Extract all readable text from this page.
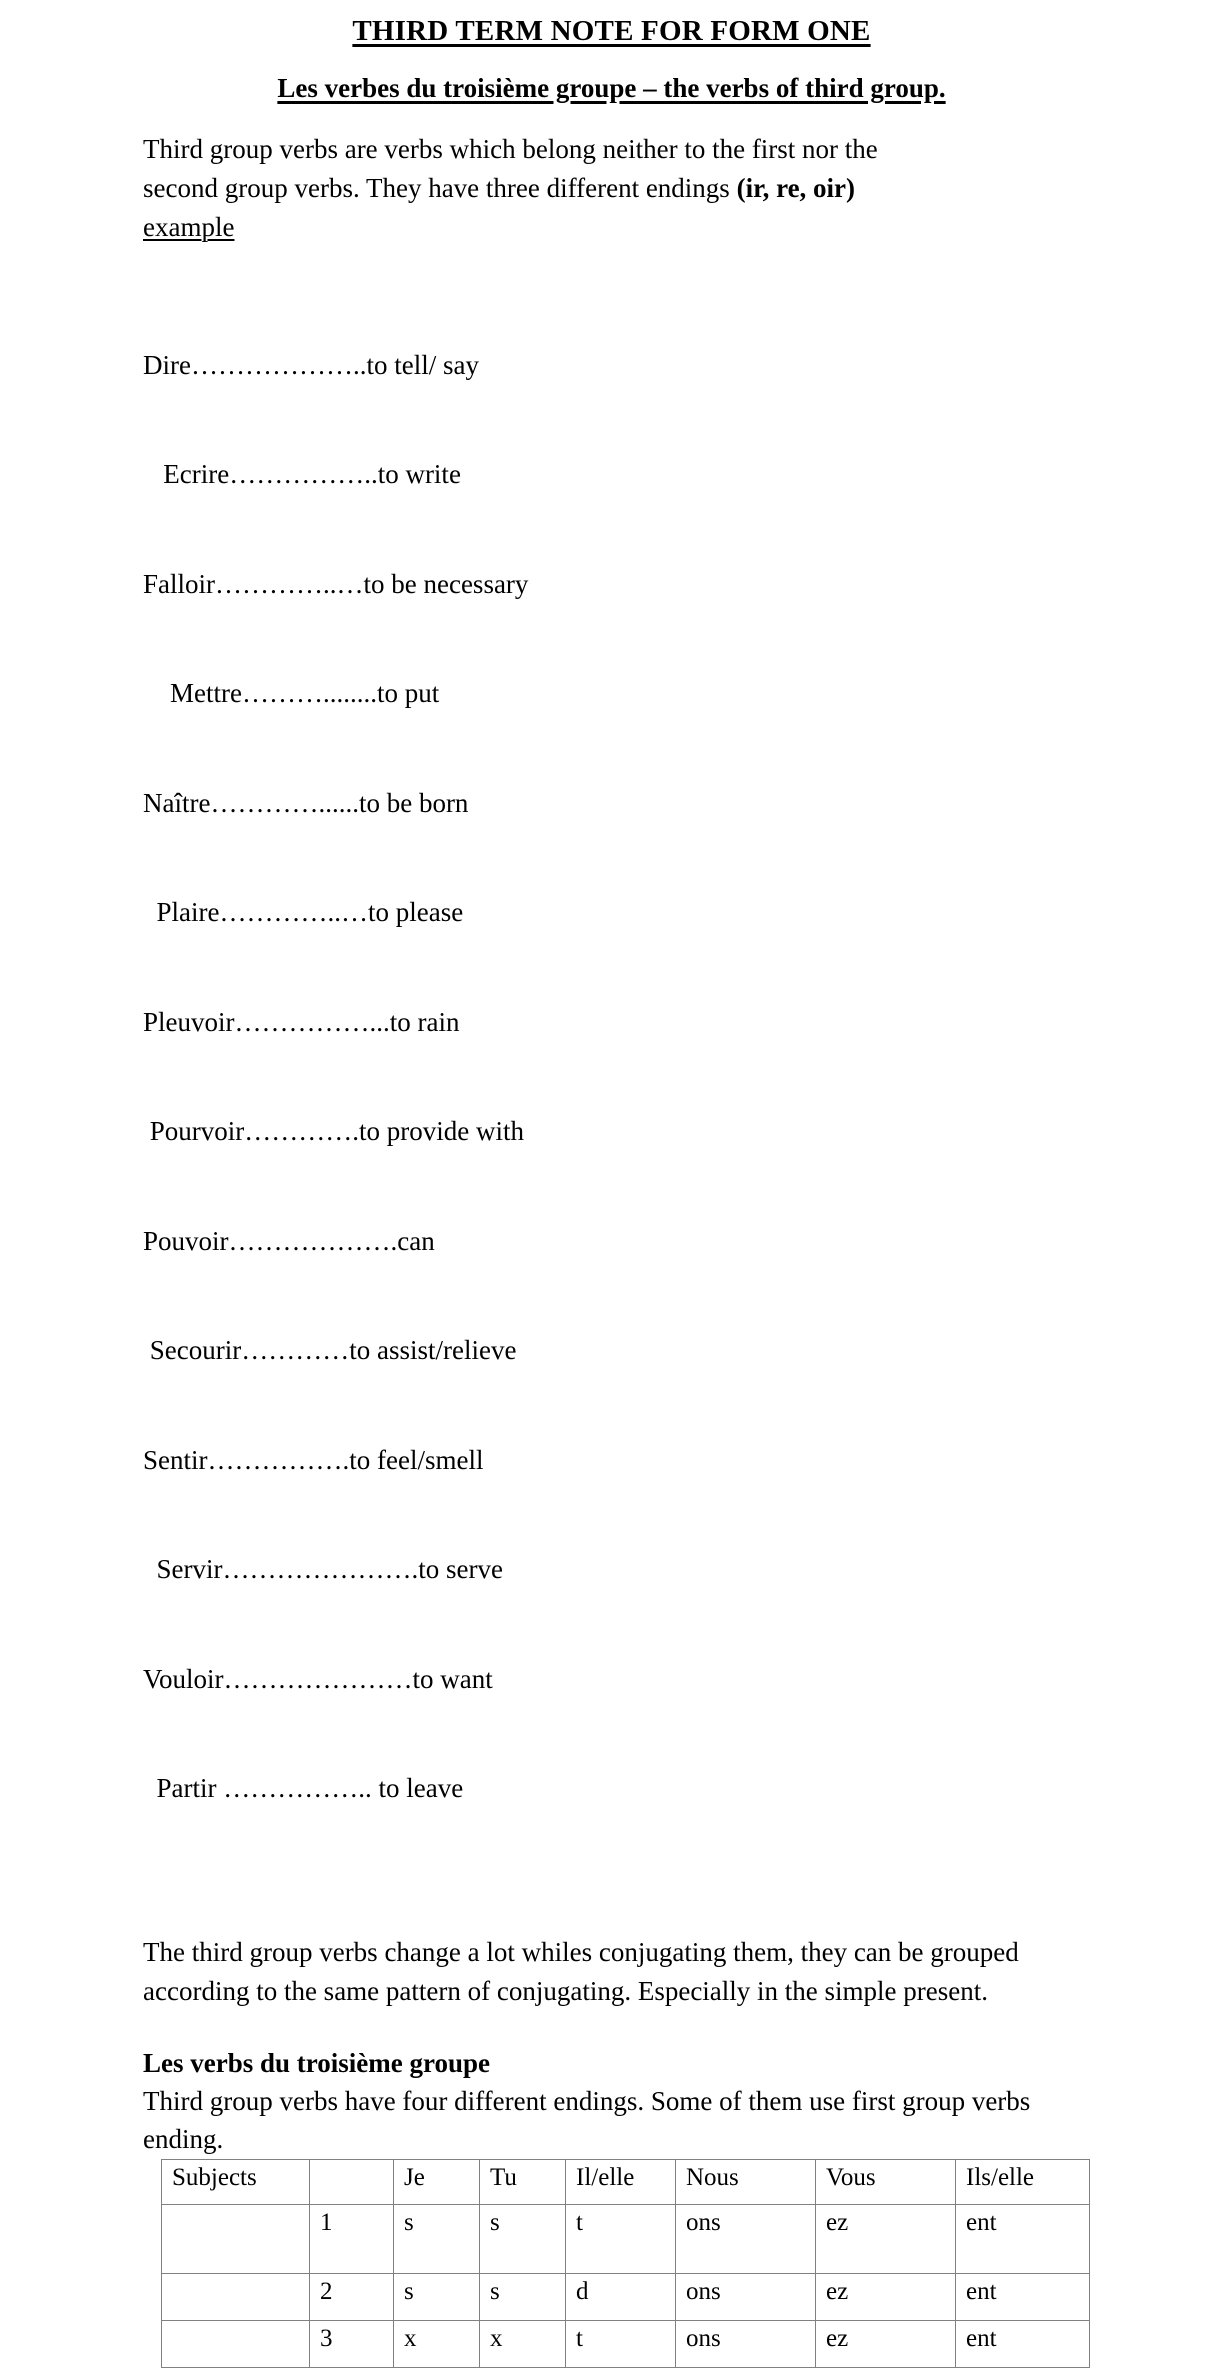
THIRD TERM NOTE FOR FORM ONE
Les verbes du troisième groupe – the verbs of third group.

Third group verbs are verbs which belong neither to the first nor the
second group verbs. They have three different endings (ir, re, oir)
example

Dire………………..to tell/ say

Ecrire……………..to write

Falloir…………..…to be necessary

Mettre………........to put

Naître…………......to be born

Plaire…………..…to please

Pleuvoir……………...to rain

Pourvoir………….to provide with

Pouvoir……………….can

Secourir…………to assist/relieve

Sentir…………….to feel/smell

Servir………………….to serve

Vouloir…………………to want

Partir …………….. to leave

The third group verbs change a lot whiles conjugating them, they can be grouped according to the same pattern of conjugating. Especially in the simple present.

Les verbs du troisième groupe

Third group verbs have four different endings. Some of them use first group verbs ending.

Subjects		Je	Tu	Il/elle	Nous	Vous	Ils/elle
	1	s	s	t	ons	ez	ent
	2	s	s	d	ons	ez	ent
	3	x	x	t	ons	ez	ent
